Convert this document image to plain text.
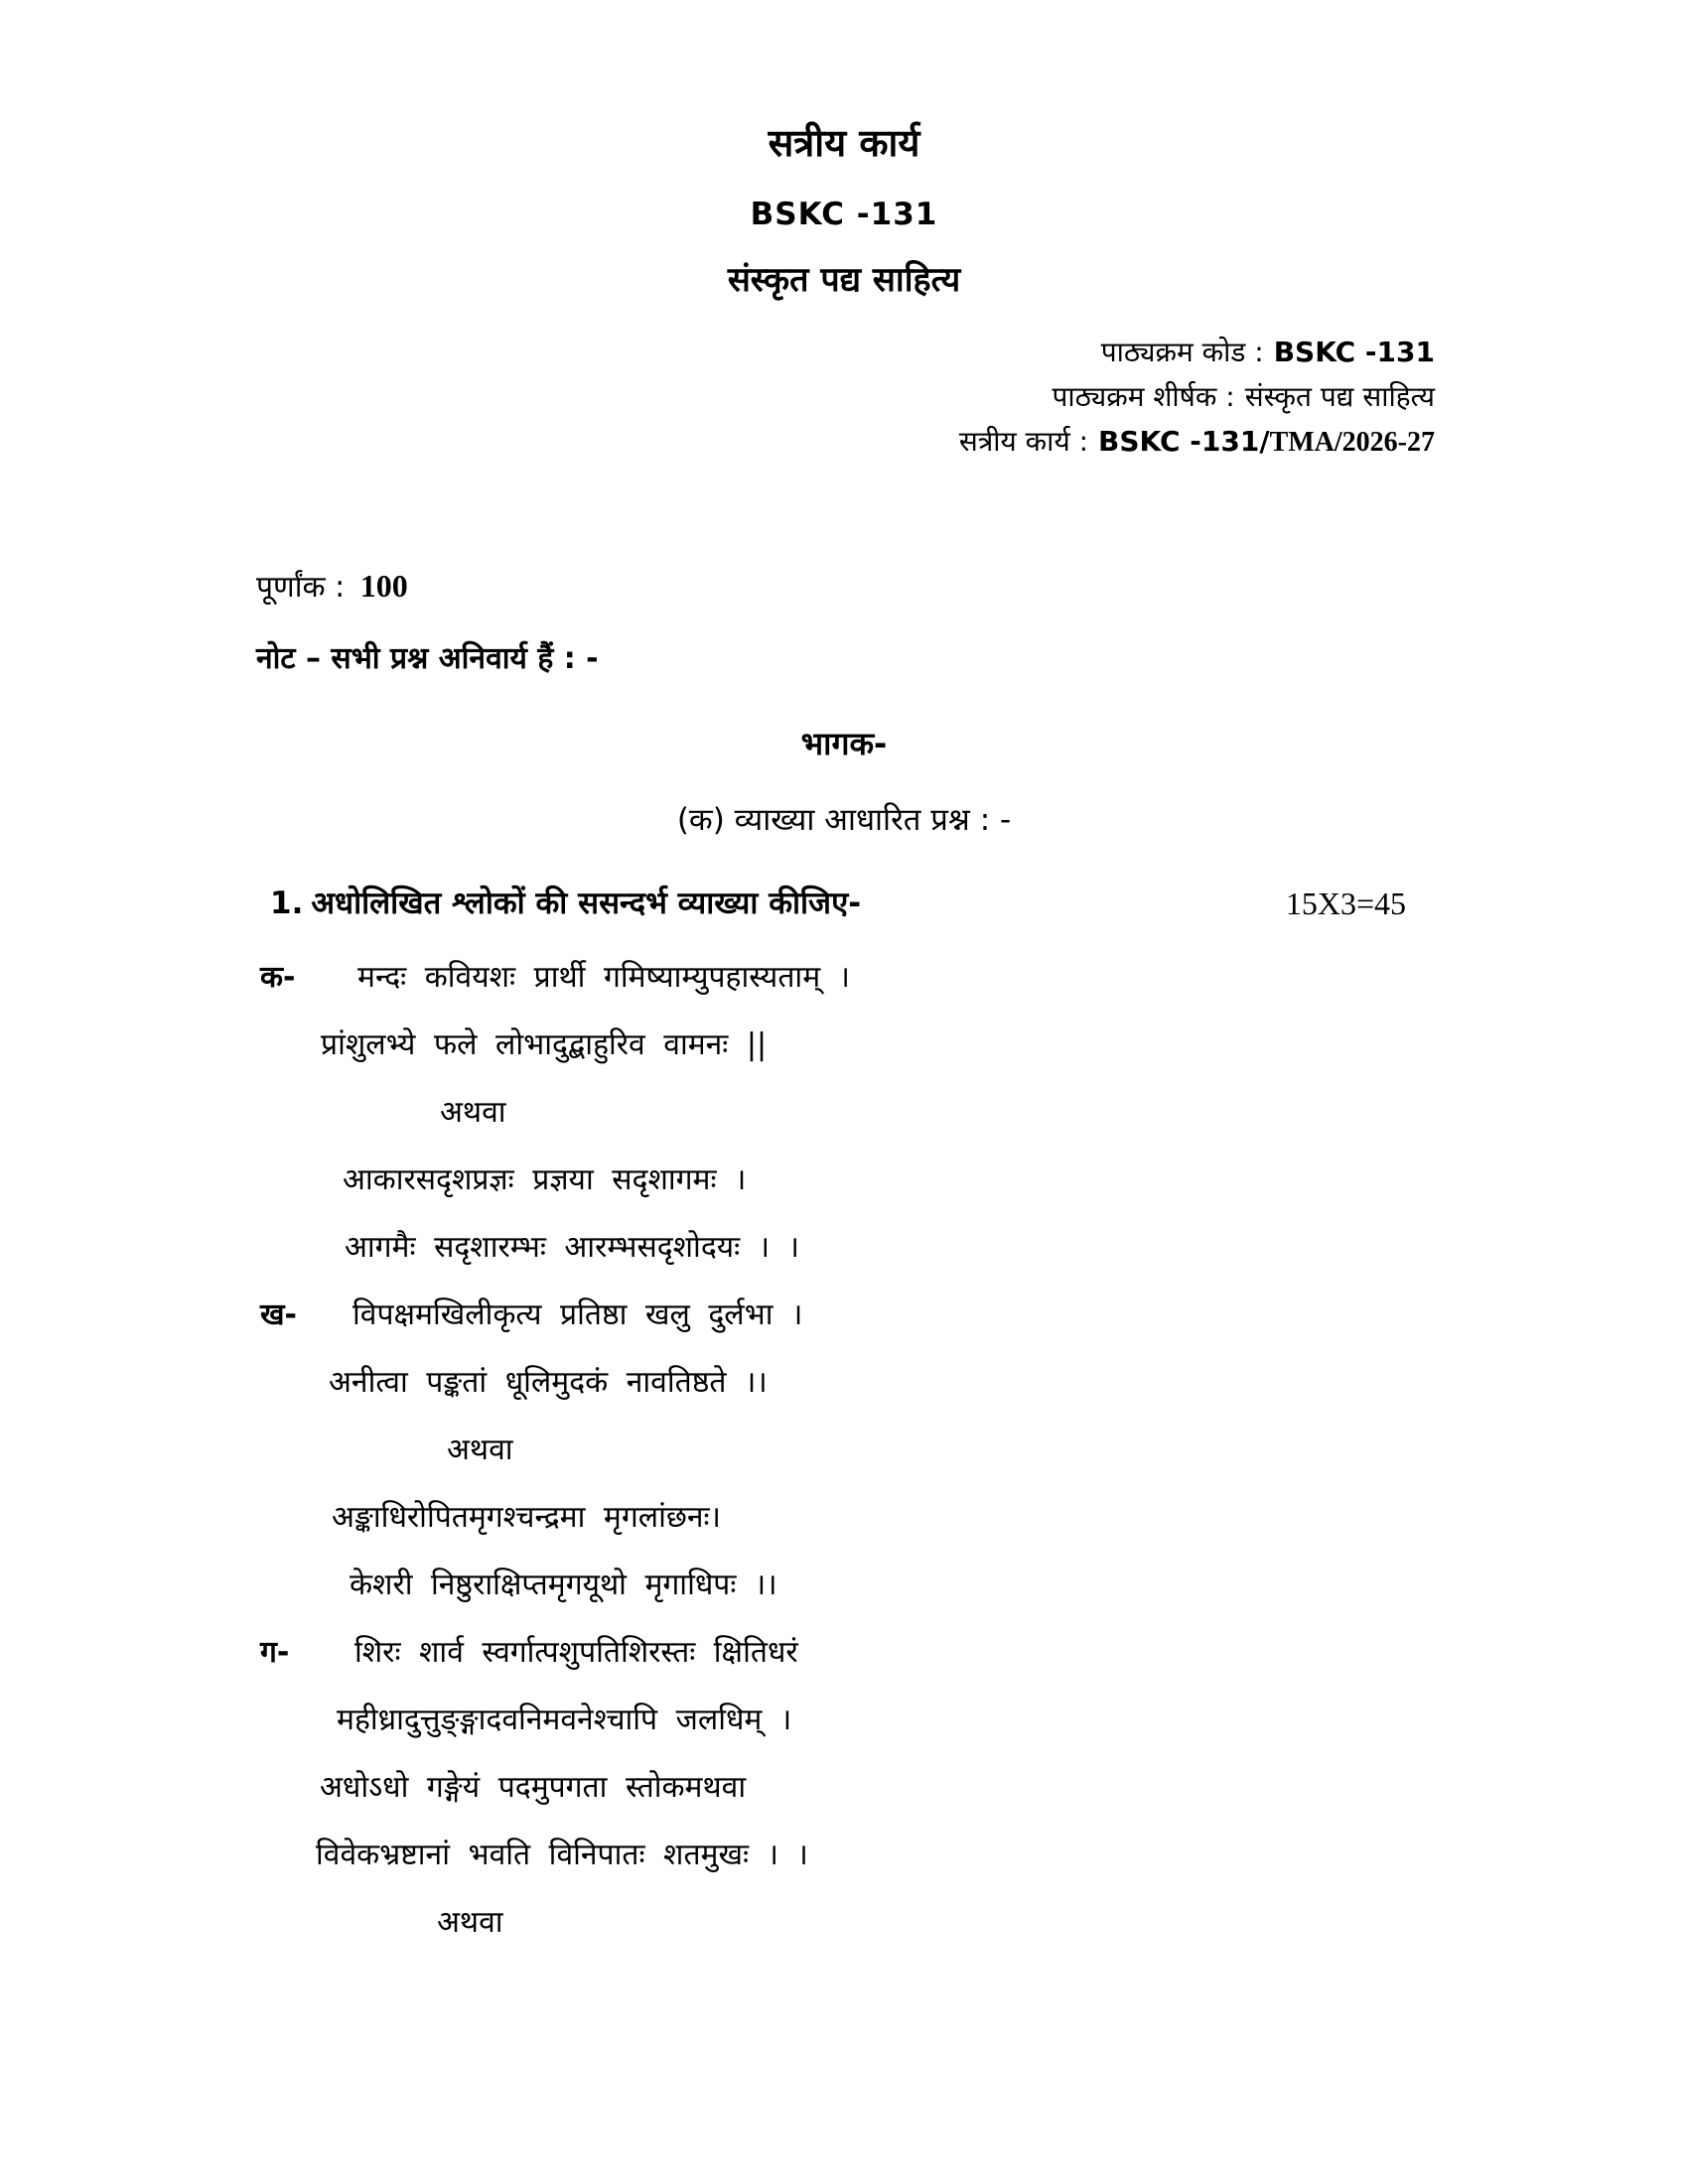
सत्रीय कार्य
BSKC -131
संस्कृत पद्य साहित्य
पाठ्यक्रम कोड : BSKC -131
पाठ्यक्रम शीर्षक : संस्कृत पद्य साहित्य
सत्रीय कार्य : BSKC -131/TMA/2026-27
पूर्णांक : 100
नोट – सभी प्रश्न अनिवार्य हैं : -
भागक-
(क) व्याख्या आधारित प्रश्न : -
1. अधोलिखित श्लोकों की ससन्दर्भ व्याख्या कीजिए-	15X3=45
क- मन्दः कवियशः प्रार्थी गमिष्याम्युपहास्यताम् ।
प्रांशुलभ्ये फले लोभादुद्बाहुरिव वामनः ||
अथवा
आकारसदृशप्रज्ञः प्रज्ञया सदृशागमः ।
आगमैः सदृशारम्भः आरम्भसदृशोदयः । ।
ख- विपक्षमखिलीकृत्य प्रतिष्ठा खलु दुर्लभा ।
अनीत्वा पङ्कतां धूलिमुदकं नावतिष्ठते ।।
अथवा
अङ्काधिरोपितमृगश्चन्द्रमा मृगलांछनः।
केशरी निष्ठुराक्षिप्तमृगयूथो मृगाधिपः ।।
ग- शिरः शार्व स्वर्गात्पशुपतिशिरस्तः क्षितिधरं
महीध्रादुत्तुङ्ङ्गादवनिमवनेश्चापि जलधिम् ।
अधोऽधो गङ्गेयं पदमुपगता स्तोकमथवा
विवेकभ्रष्टानां भवति विनिपातः शतमुखः । ।
अथवा
